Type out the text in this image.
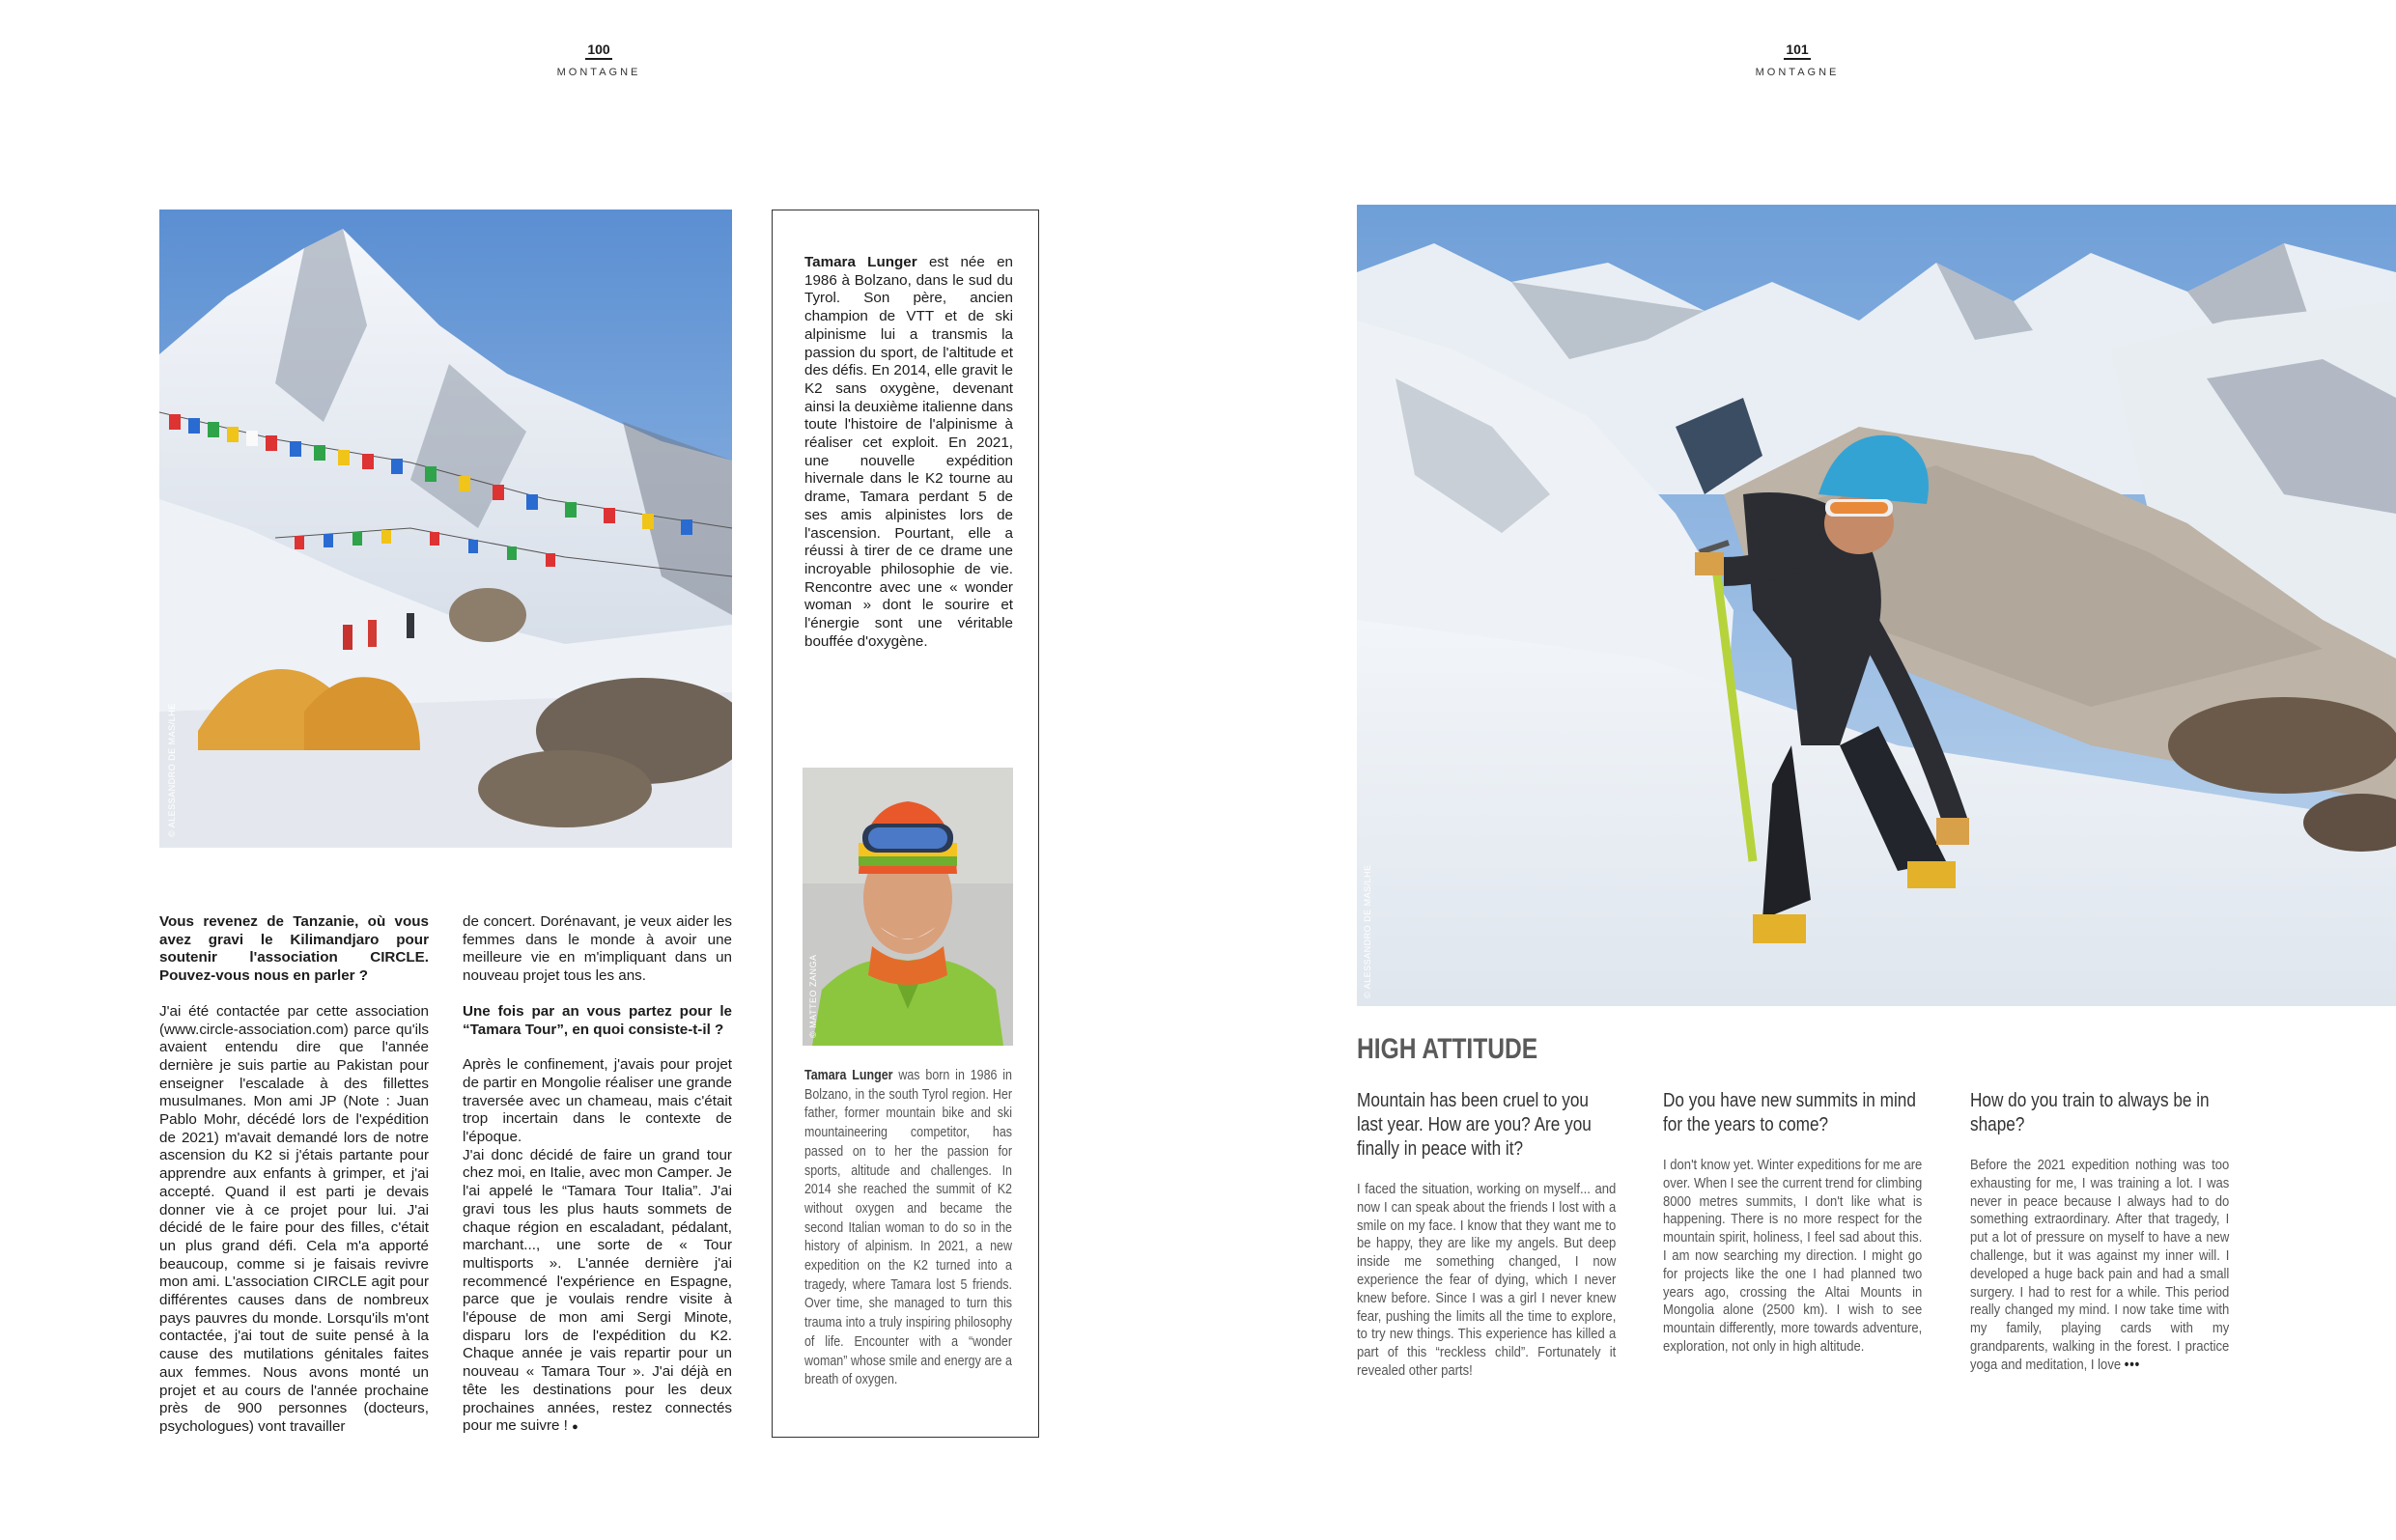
100
MONTAGNE
© ALESSANDRO DE MAS/LHE

Vous revenez de Tanzanie, où vous avez gravi le Kilimandjaro pour soutenir l'association CIRCLE. Pouvez-vous nous en parler ?

J'ai été contactée par cette association (www.circle-association.com) parce qu'ils avaient entendu dire que l'année dernière je suis partie au Pakistan pour enseigner l'escalade à des fillettes musulmanes. Mon ami JP (Note : Juan Pablo Mohr, décédé lors de l'expédition de 2021) m'avait demandé lors de notre ascension du K2 si j'étais partante pour apprendre aux enfants à grimper, et j'ai accepté. Quand il est parti je devais donner vie à ce projet pour lui. J'ai décidé de le faire pour des filles, c'était un plus grand défi. Cela m'a apporté beaucoup, comme si je faisais revivre mon ami. L'association CIRCLE agit pour différentes causes dans de nombreux pays pauvres du monde. Lorsqu'ils m'ont contactée, j'ai tout de suite pensé à la cause des mutilations génitales faites aux femmes. Nous avons monté un projet et au cours de l'année prochaine près de 900 personnes (docteurs, psychologues) vont travailler

de concert. Dorénavant, je veux aider les femmes dans le monde à avoir une meilleure vie en m'impliquant dans un nouveau projet tous les ans.

Une fois par an vous partez pour le “Tamara Tour”, en quoi consiste-t-il ?

Après le confinement, j'avais pour projet de partir en Mongolie réaliser une grande traversée avec un chameau, mais c'était trop incertain dans le contexte de l'époque.

J'ai donc décidé de faire un grand tour chez moi, en Italie, avec mon Camper. Je l'ai appelé le “Tamara Tour Italia”. J'ai gravi tous les plus hauts sommets de chaque région en escaladant, pédalant, marchant..., une sorte de « Tour multisports ». L'année dernière j'ai recommencé l'expérience en Espagne, parce que je voulais rendre visite à l'épouse de mon ami Sergi Minote, disparu lors de l'expédition du K2. Chaque année je vais repartir pour un nouveau « Tamara Tour ». J'ai déjà en tête les destinations pour les deux prochaines années, restez connectés pour me suivre ! ●

Tamara Lunger est née en 1986 à Bolzano, dans le sud du Tyrol. Son père, ancien champion de VTT et de ski alpinisme lui a transmis la passion du sport, de l'altitude et des défis. En 2014, elle gravit le K2 sans oxygène, devenant ainsi la deuxième italienne dans toute l'histoire de l'alpinisme à réaliser cet exploit. En 2021, une nouvelle expédition hivernale dans le K2 tourne au drame, Tamara perdant 5 de ses amis alpinistes lors de l'ascension. Pourtant, elle a réussi à tirer de ce drame une incroyable philosophie de vie. Rencontre avec une « wonder woman » dont le sourire et l'énergie sont une véritable bouffée d'oxygène.

© MATTEO ZANGA
Tamara Lunger was born in 1986 in Bolzano, in the south Tyrol region. Her father, former mountain bike and ski mountaineering competitor, has passed on to her the passion for sports, altitude and challenges. In 2014 she reached the summit of K2 without oxygen and became the second Italian woman to do so in the history of alpinism. In 2021, a new expedition on the K2 turned into a tragedy, where Tamara lost 5 friends. Over time, she managed to turn this trauma into a truly inspiring philosophy of life. Encounter with a “wonder woman” whose smile and energy are a breath of oxygen.
101
MONTAGNE
© ALESSANDRO DE MAS/LHE
HIGH ATTITUDE
Mountain has been cruel to you last year. How are you? Are you finally in peace with it?
I faced the situation, working on myself... and now I can speak about the friends I lost with a smile on my face. I know that they want me to be happy, they are like my angels. But deep inside me something changed, I now experience the fear of dying, which I never knew before. Since I was a girl I never knew fear, pushing the limits all the time to explore, to try new things. This experience has killed a part of this “reckless child”. Fortunately it revealed other parts!
Do you have new summits in mind for the years to come?
I don't know yet. Winter expeditions for me are over. When I see the current trend for climbing 8000 metres summits, I don't like what is happening. There is no more respect for the mountain spirit, holiness, I feel sad about this. I am now searching my direction. I might go for projects like the one I had planned two years ago, crossing the Altai Mounts in Mongolia alone (2500 km). I wish to see mountain differently, more towards adventure, exploration, not only in high altitude.
How do you train to always be in shape?
Before the 2021 expedition nothing was too exhausting for me, I was training a lot. I was never in peace because I always had to do something extraordinary. After that tragedy, I put a lot of pressure on myself to have a new challenge, but it was against my inner will. I developed a huge back pain and had a small surgery. I had to rest for a while. This period really changed my mind. I now take time with my family, playing cards with my grandparents, walking in the forest. I practice yoga and meditation, I love •••
